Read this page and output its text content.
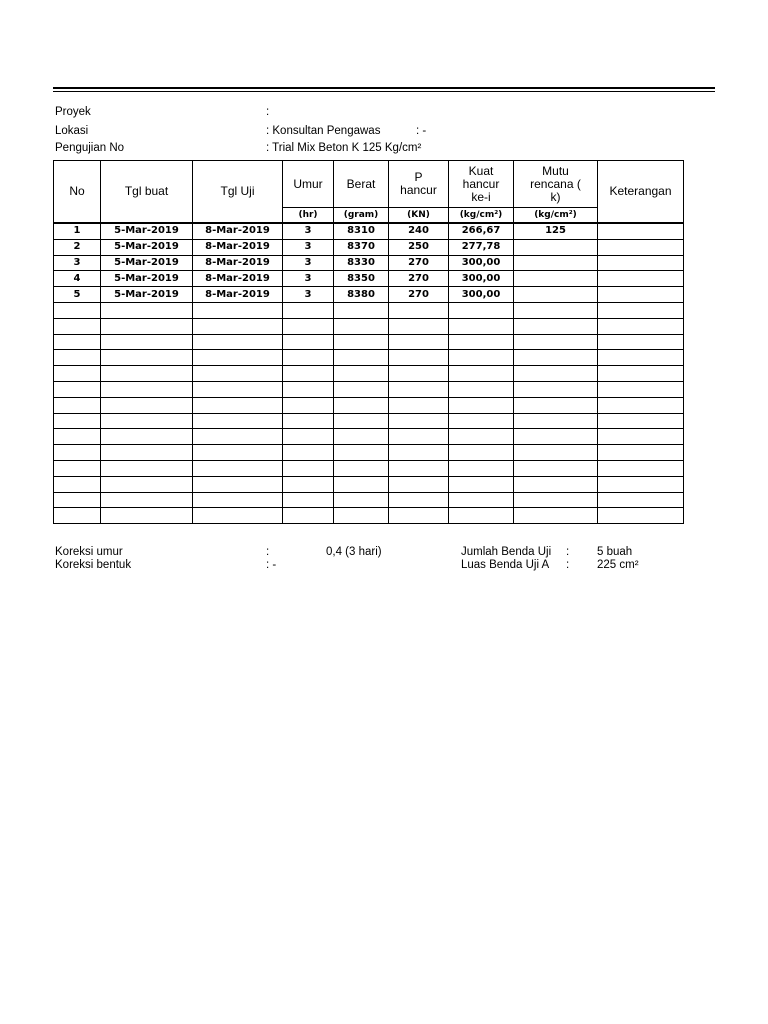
Proyek	:
Lokasi	: Konsultan Pengawas	: -
Pengujian No	: Trial Mix Beton K 125 Kg/cm²
No	Tgl buat	Tgl Uji	Umur	Berat	P hancur	Kuat hancur ke-i	Mutu rencana ( k)	Keterangan
			(hr)	(gram)	(KN)	(kg/cm²)	(kg/cm²)	
1	5-Mar-2019	8-Mar-2019	3	8310	240	266,67	125	
2	5-Mar-2019	8-Mar-2019	3	8370	250	277,78		
3	5-Mar-2019	8-Mar-2019	3	8330	270	300,00		
4	5-Mar-2019	8-Mar-2019	3	8350	270	300,00		
5	5-Mar-2019	8-Mar-2019	3	8380	270	300,00		

Koreksi umur	:	0,4 (3 hari)
Koreksi bentuk	: -
Jumlah Benda Uji : 5 buah
Luas Benda Uji A : 225 cm²
